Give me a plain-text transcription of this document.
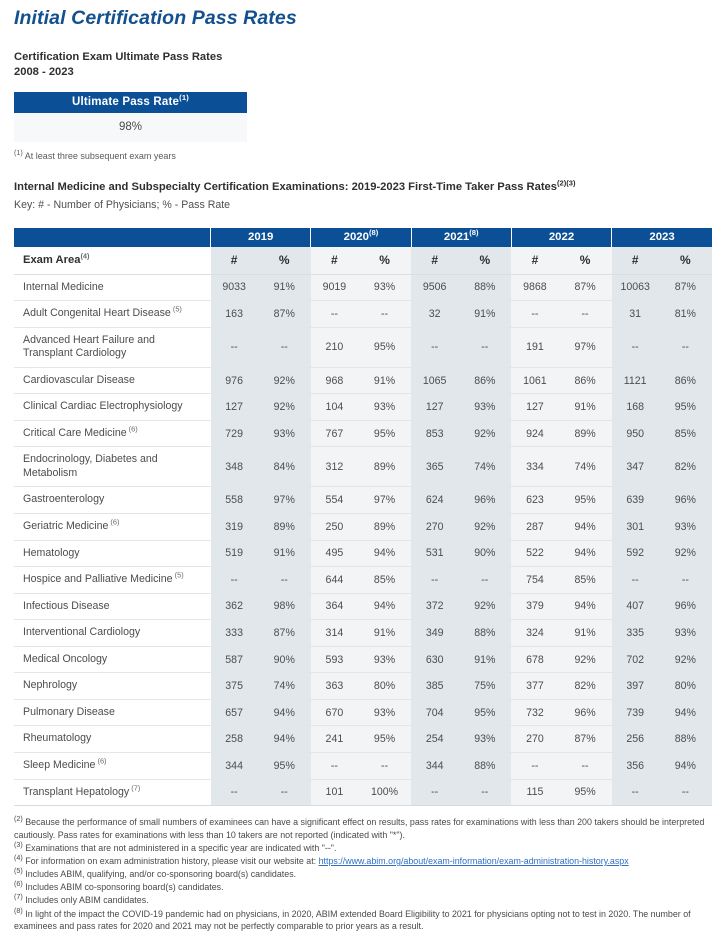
Initial Certification Pass Rates
Certification Exam Ultimate Pass Rates
2008 - 2023
Ultimate Pass Rate$^{(1)}$
98%
$^{(1)}$ At least three subsequent exam years
Internal Medicine and Subspecialty Certification Examinations: 2019-2023 First-Time Taker Pass Rates$^{(2)(3)}$
Key: # - Number of Physicians; % - Pass Rate
	2019		2020$^{(8)}$		2021$^{(8)}$		2022		2023	
Exam Area$^{(4)}$	#	%	#	%	#	%	#	%	#	%
Internal Medicine	9033	91%	9019	93%	9506	88%	9868	87%	10063	87%
Adult Congenital Heart Disease $^{(5)}$	163	87%	--	--	32	91%	--	--	31	81%
Advanced Heart Failure and Transplant Cardiology	--	--	210	95%	--	--	191	97%	--	--
Cardiovascular Disease	976	92%	968	91%	1065	86%	1061	86%	1121	86%
Clinical Cardiac Electrophysiology	127	92%	104	93%	127	93%	127	91%	168	95%
Critical Care Medicine $^{(6)}$	729	93%	767	95%	853	92%	924	89%	950	85%
Endocrinology, Diabetes and Metabolism	348	84%	312	89%	365	74%	334	74%	347	82%
Gastroenterology	558	97%	554	97%	624	96%	623	95%	639	96%
Geriatric Medicine $^{(6)}$	319	89%	250	89%	270	92%	287	94%	301	93%
Hematology	519	91%	495	94%	531	90%	522	94%	592	92%
Hospice and Palliative Medicine $^{(5)}$	--	--	644	85%	--	--	754	85%	--	--
Infectious Disease	362	98%	364	94%	372	92%	379	94%	407	96%
Interventional Cardiology	333	87%	314	91%	349	88%	324	91%	335	93%
Medical Oncology	587	90%	593	93%	630	91%	678	92%	702	92%
Nephrology	375	74%	363	80%	385	75%	377	82%	397	80%
Pulmonary Disease	657	94%	670	93%	704	95%	732	96%	739	94%
Rheumatology	258	94%	241	95%	254	93%	270	87%	256	88%
Sleep Medicine $^{(6)}$	344	95%	--	--	344	88%	--	--	356	94%
Transplant Hepatology $^{(7)}$	--	--	101	100%	--	--	115	95%	--	--

$^{(2)}$ Because the performance of small numbers of examinees can have a significant effect on results, pass rates for examinations with less than 200 takers should be interpreted cautiously. Pass rates for examinations with less than 10 takers are not reported (indicated with "*").

$^{(3)}$ Examinations that are not administered in a specific year are indicated with "--".

$^{(4)}$ For information on exam administration history, please visit our website at: https://www.abim.org/about/exam-information/exam-administration-history.aspx

$^{(5)}$ Includes ABIM, qualifying, and/or co-sponsoring board(s) candidates.

$^{(6)}$ Includes ABIM co-sponsoring board(s) candidates.

$^{(7)}$ Includes only ABIM candidates.

$^{(8)}$ In light of the impact the COVID-19 pandemic had on physicians, in 2020, ABIM extended Board Eligibility to 2021 for physicians opting not to test in 2020. The number of examinees and pass rates for 2020 and 2021 may not be perfectly comparable to prior years as a result.
